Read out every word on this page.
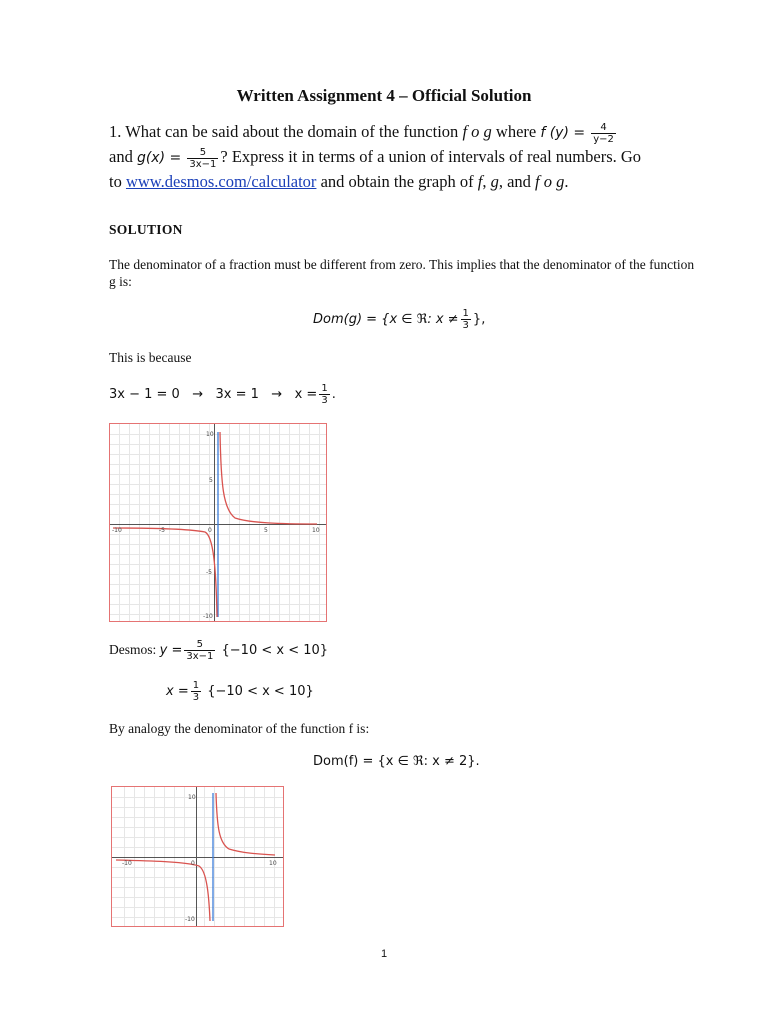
Written Assignment 4 – Official Solution
1. What can be said about the domain of the function f o g where f $(y) = \frac{4}{y-2}$
and $g(x) = \frac{5}{3x-1}$ ? Express it in terms of a union of intervals of real numbers. Go
to www.desmos.com/calculator and obtain the graph of f, g, and f o g.
SOLUTION
The denominator of a fraction must be different from zero. This implies that the denominator of the function g is:
Dom(g) = {x ∈ ℜ: $x \ne \frac{1}{3}$ },
This is because
$3x - 1 = 0 \to 3x = 1 \to x = \frac{1}{3}$ .
-10	-5	0	5	10
10
5
-5
-10
Desmos: $y = \frac{5}{3x-1} \{-10 < x < 10\}$
$x = \frac{1}{3} \{-10 < x < 10\}$
By analogy the denominator of the function f is:
Dom(f) = {x ∈ ℜ: x ≠ 2}.
-10	0	10
10
-10
1
